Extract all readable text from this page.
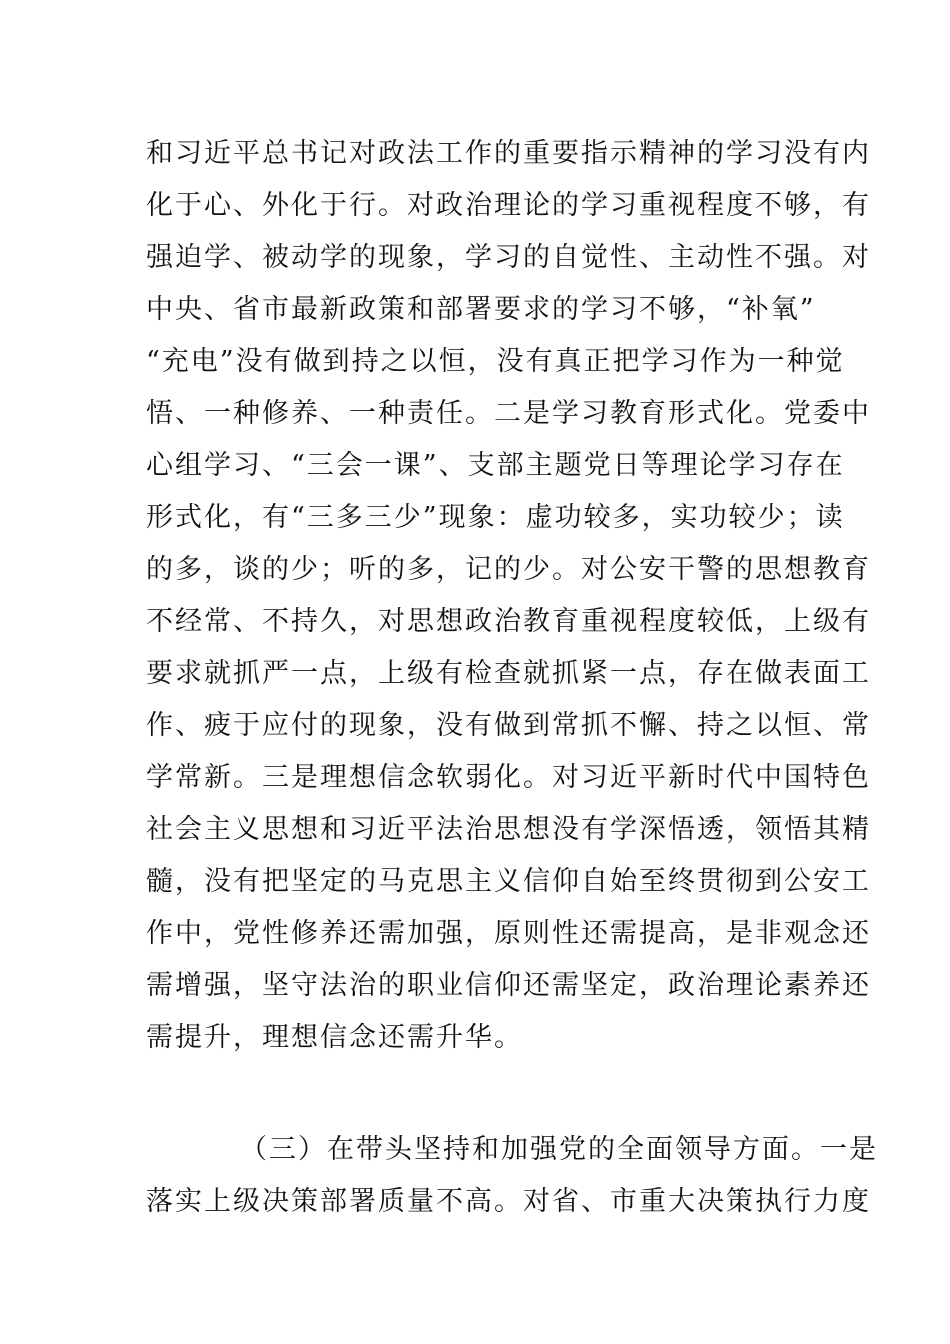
和习近平总书记对政法工作的重要指示精神的学习没有内
化于心、外化于行。对政治理论的学习重视程度不够，有
强迫学、被动学的现象，学习的自觉性、主动性不强。对
中央、省市最新政策和部署要求的学习不够，“补氧”
“充电”没有做到持之以恒，没有真正把学习作为一种觉
悟、一种修养、一种责任。二是学习教育形式化。党委中
心组学习、“三会一课”、支部主题党日等理论学习存在
形式化，有“三多三少”现象：虚功较多，实功较少；读
的多，谈的少；听的多，记的少。对公安干警的思想教育
不经常、不持久，对思想政治教育重视程度较低，上级有
要求就抓严一点，上级有检查就抓紧一点，存在做表面工
作、疲于应付的现象，没有做到常抓不懈、持之以恒、常
学常新。三是理想信念软弱化。对习近平新时代中国特色
社会主义思想和习近平法治思想没有学深悟透，领悟其精
髓，没有把坚定的马克思主义信仰自始至终贯彻到公安工
作中，党性修养还需加强，原则性还需提高，是非观念还
需增强，坚守法治的职业信仰还需坚定，政治理论素养还
需提升，理想信念还需升华。
（三）在带头坚持和加强党的全面领导方面。一是
落实上级决策部署质量不高。对省、市重大决策执行力度
